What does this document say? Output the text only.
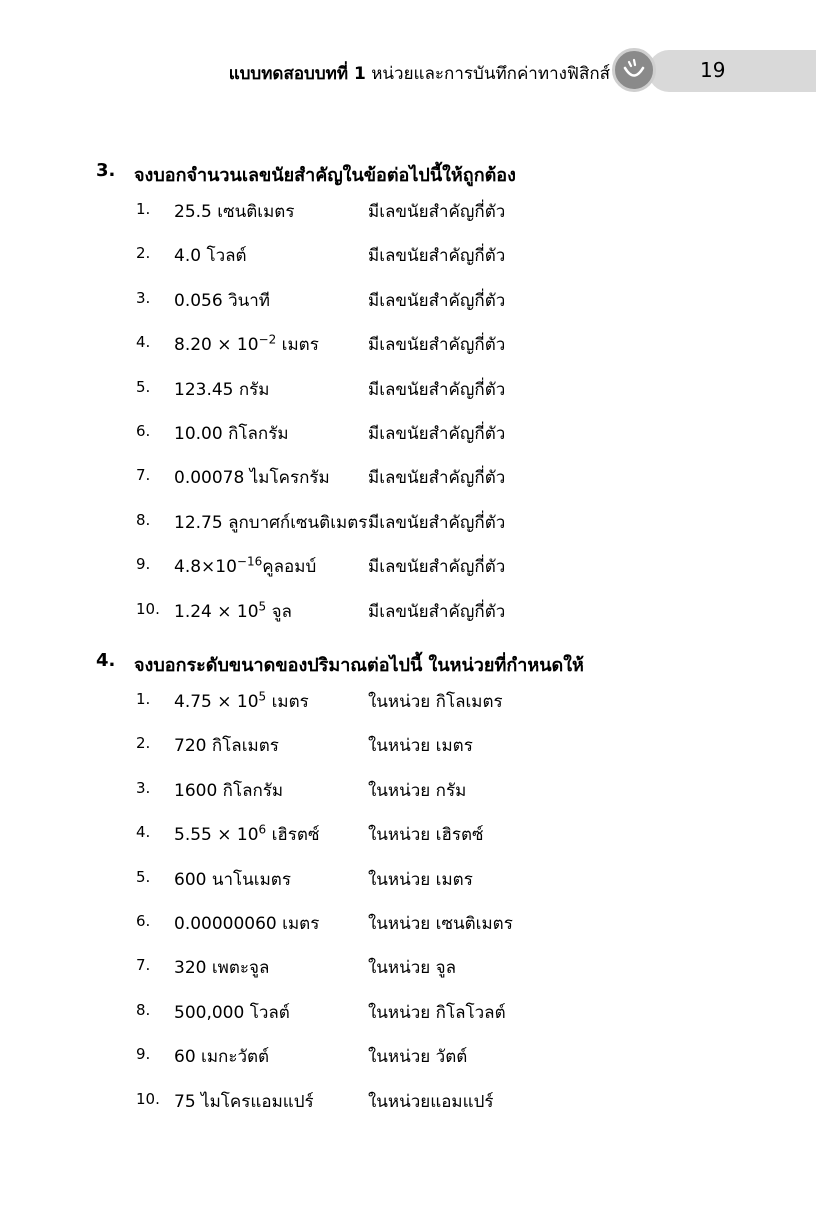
แบบทดสอบบทที่ 1 หน่วยและการบันทึกค่าทางฟิสิกส์	19
3. จงบอกจำนวนเลขนัยสำคัญในข้อต่อไปนี้ให้ถูกต้อง
1. 25.5 เซนติเมตร	มีเลขนัยสำคัญกี่ตัว
2. 4.0 โวลต์	มีเลขนัยสำคัญกี่ตัว
3. 0.056 วินาที	มีเลขนัยสำคัญกี่ตัว
4. $8.20 \times 10^{-2}$ เมตร	มีเลขนัยสำคัญกี่ตัว
5. 123.45 กรัม	มีเลขนัยสำคัญกี่ตัว
6. 10.00 กิโลกรัม	มีเลขนัยสำคัญกี่ตัว
7. 0.00078 ไมโครกรัม มีเลขนัยสำคัญกี่ตัว
8. 12.75 ลูกบาศก์เซนติเมตร มีเลขนัยสำคัญกี่ตัว
9. $4.8\times 10^{-16}$คูลอมบ์	มีเลขนัยสำคัญกี่ตัว
10. $1.24 \times 10^5$ จูล	มีเลขนัยสำคัญกี่ตัว
4. จงบอกระดับขนาดของปริมาณต่อไปนี้ ในหน่วยที่กำหนดให้
1. $4.75 \times 10^5$ เมตร	ในหน่วย กิโลเมตร
2. 720 กิโลเมตร	ในหน่วย เมตร
3. 1600 กิโลกรัม	ในหน่วย กรัม
4. $5.55 \times 10^6$ เฮิรตซ์	ในหน่วย เฮิรตซ์
5. 600 นาโนเมตร	ในหน่วย เมตร
6. 0.00000060 เมตร	ในหน่วย เซนติเมตร
7. 320 เพตะจูล	ในหน่วย จูล
8. 500,000 โวลต์	ในหน่วย กิโลโวลต์
9. 60 เมกะวัตต์	ในหน่วย วัตต์
10. 75 ไมโครแอมแปร์	ในหน่วยแอมแปร์
